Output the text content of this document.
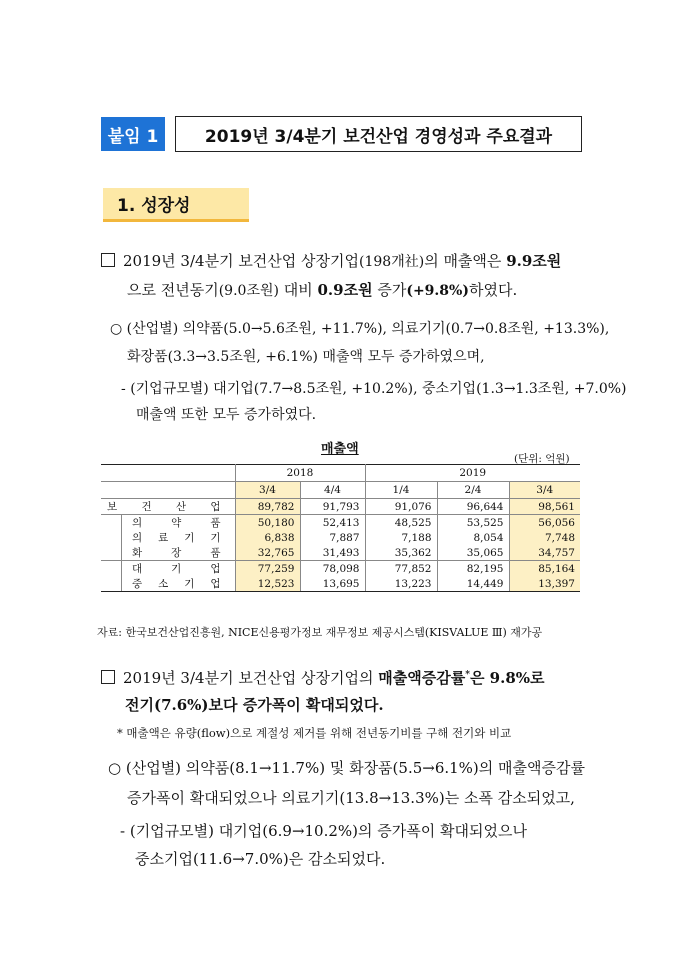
붙임 1	2019년 3/4분기 보건산업 경영성과 주요결과
1. 성장성
2019년 3/4분기 보건산업 상장기업(198개社)의 매출액은 9.9조원
으로 전년동기(9.0조원) 대비 0.9조원 증가(+9.8%)하였다.
○ (산업별) 의약품(5.0→5.6조원, +11.7%), 의료기기(0.7→0.8조원, +13.3%),
화장품(3.3→3.5조원, +6.1%) 매출액 모두 증가하였으며,
- (기업규모별) 대기업(7.7→8.5조원, +10.2%), 중소기업(1.3→1.3조원, +7.0%)
매출액 또한 모두 증가하였다.
매출액
(단위: 억원)
	2018		2019		
	3/4	4/4	1/4	2/4	3/4

보 건 산 업	89,782	91,793	91,076	96,644	98,561

의 약 품	50,180	52,413	48,525	53,525	56,056

의 료 기 기	6,838	7,887	7,188	8,054	7,748

화 장 품	32,765	31,493	35,362	35,065	34,757

대 기 업	77,259	78,098	77,852	82,195	85,164

중 소 기 업	12,523	13,695	13,223	14,449	13,397
자료: 한국보건산업진흥원, NICE신용평가정보 재무정보 제공시스템(KISVALUE Ⅲ) 재가공
2019년 3/4분기 보건산업 상장기업의 매출액증감률*은 9.8%로
전기(7.6%)보다 증가폭이 확대되었다.
* 매출액은 유량(flow)으로 계절성 제거를 위해 전년동기비를 구해 전기와 비교
○ (산업별) 의약품(8.1→11.7%) 및 화장품(5.5→6.1%)의 매출액증감률
증가폭이 확대되었으나 의료기기(13.8→13.3%)는 소폭 감소되었고,
- (기업규모별) 대기업(6.9→10.2%)의 증가폭이 확대되었으나
중소기업(11.6→7.0%)은 감소되었다.
